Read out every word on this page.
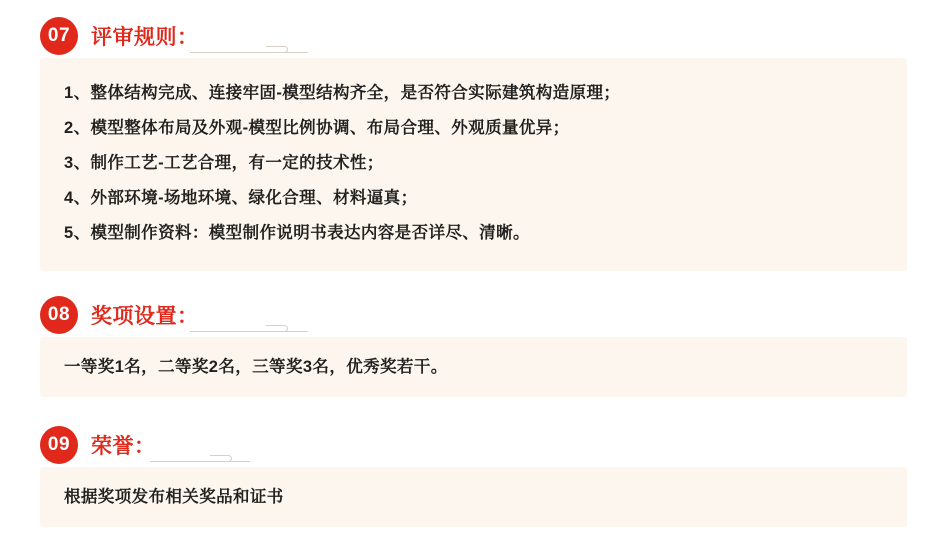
07 评审规则：

1、整体结构完成、连接牢固-模型结构齐全，是否符合实际建筑构造原理；

2、模型整体布局及外观-模型比例协调、布局合理、外观质量优异；

3、制作工艺-工艺合理，有一定的技术性；

4、外部环境-场地环境、绿化合理、材料逼真；

5、模型制作资料：模型制作说明书表达内容是否详尽、清晰。

08 奖项设置：

一等奖1名，二等奖2名，三等奖3名，优秀奖若干。

09 荣誉：

根据奖项发布相关奖品和证书
